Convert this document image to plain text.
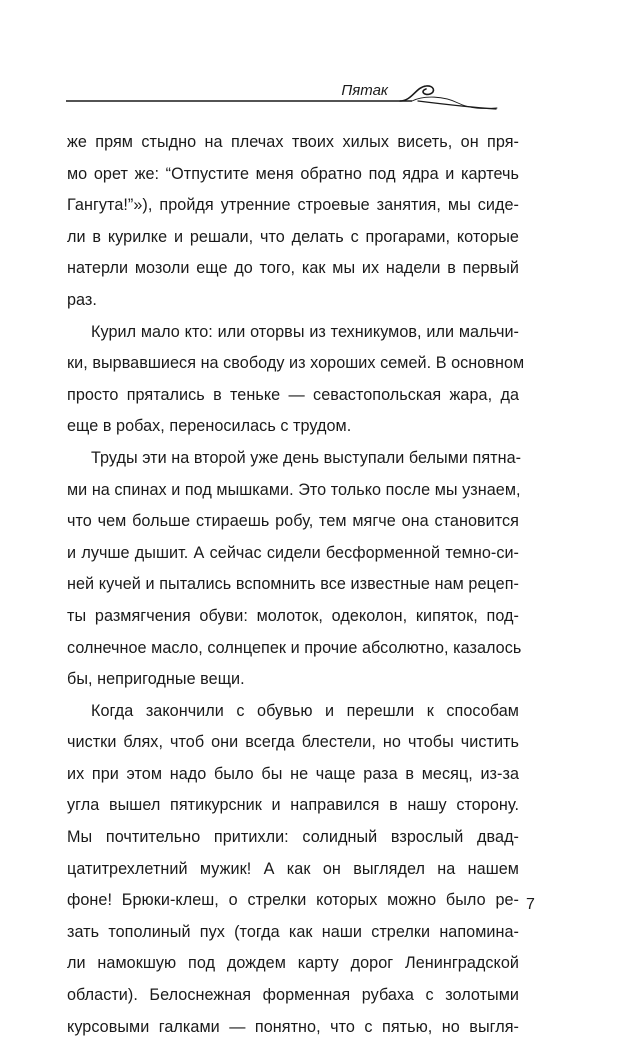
Пятак
же прям стыдно на плечах твоих хилых висеть, он пря-
мо орет же: “Отпустите меня обратно под ядра и картечь
Гангута!”»), пройдя утренние строевые занятия, мы сиде-
ли в курилке и решали, что делать с прогарами, которые
натерли мозоли еще до того, как мы их надели в первый
раз.
Курил мало кто: или оторвы из техникумов, или мальчи-
ки, вырвавшиеся на свободу из хороших семей. В основном
просто прятались в теньке — севастопольская жара, да
еще в робах, переносилась с трудом.
Труды эти на второй уже день выступали белыми пятна-
ми на спинах и под мышками. Это только после мы узнаем,
что чем больше стираешь робу, тем мягче она становится
и лучше дышит. А сейчас сидели бесформенной темно-си-
ней кучей и пытались вспомнить все известные нам рецеп-
ты размягчения обуви: молоток, одеколон, кипяток, под-
солнечное масло, солнцепек и прочие абсолютно, казалось
бы, непригодные вещи.
Когда закончили с обувью и перешли к способам
чистки блях, чтоб они всегда блестели, но чтобы чистить
их при этом надо было бы не чаще раза в месяц, из-за
угла вышел пятикурсник и направился в нашу сторону.
Мы почтительно притихли: солидный взрослый двад-
цатитрехлетний мужик! А как он выглядел на нашем
фоне! Брюки-клеш, о стрелки которых можно было ре-
зать тополиный пух (тогда как наши стрелки напомина-
ли намокшую под дождем карту дорог Ленинградской
области). Белоснежная форменная рубаха с золотыми
курсовыми галками — понятно, что с пятью, но выгля-
7
